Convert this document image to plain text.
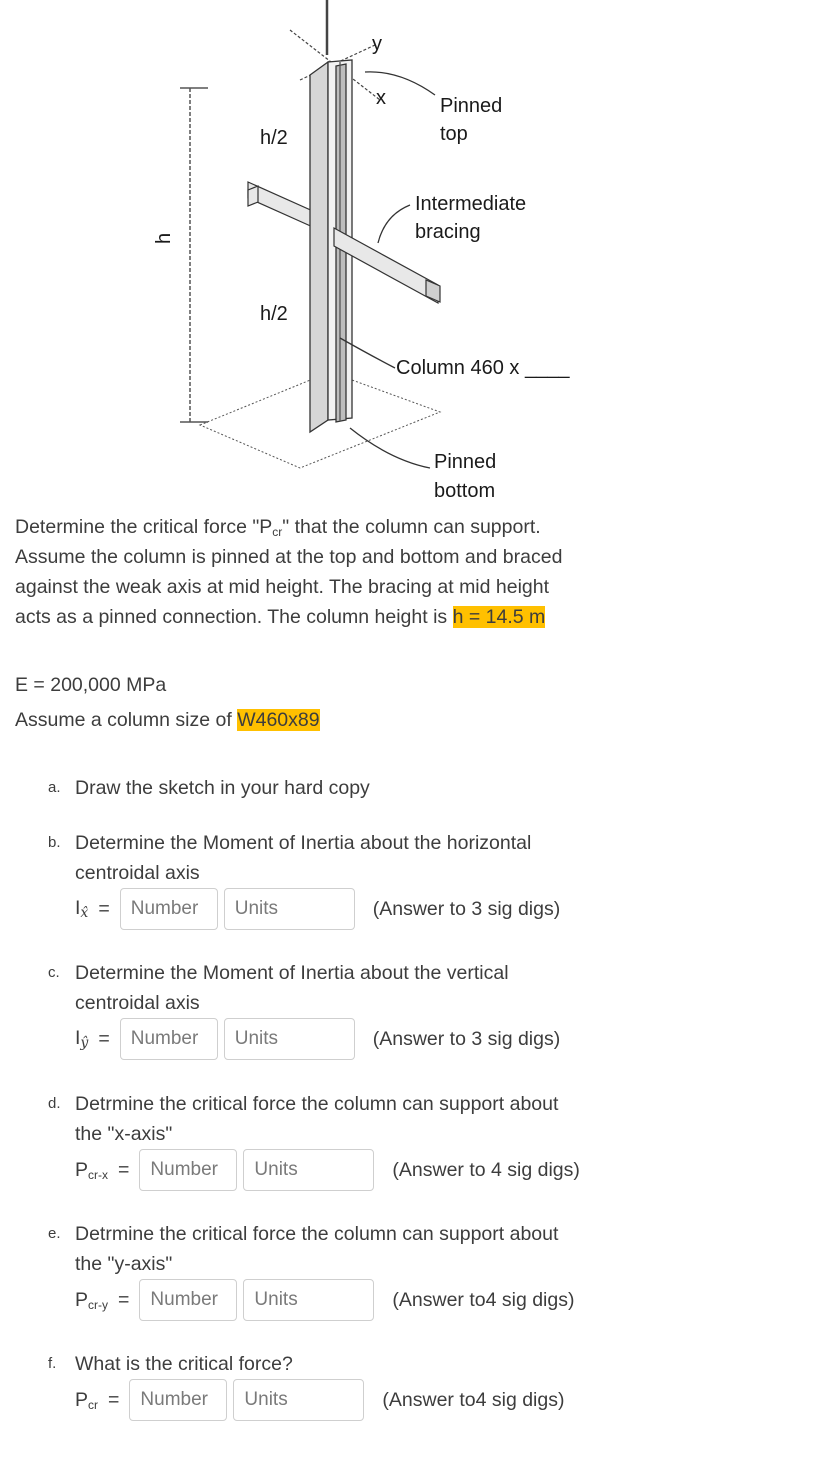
h/2
h/2
h
y
x	Pinned
top
Intermediate
bracing
Column 460 x ____
Pinned
bottom

Determine the critical force "$P_{cr}$" that the column can support.

Assume the column is pinned at the top and bottom and braced

against the weak axis at mid height. The bracing at mid height

acts as a pinned connection. The column height is h = 14.5 m

E = 200,000 MPa
Assume a column size of W460x89
a. Draw the sketch in your hard copy
b. Determine the Moment of Inertia about the horizontal
centroidal axis
Ix̂ =	Number	Units	(Answer to 3 sig digs)
c. Determine the Moment of Inertia about the vertical
centroidal axis
Iŷ =	Number	Units	(Answer to 3 sig digs)
d. Detrmine the critical force the column can support about
the "x-axis"
$P_{cr-x}$ =	Number	Units	(Answer to 4 sig digs)
e. Detrmine the critical force the column can support about
the "y-axis"
$P_{cr-y}$ =	Number	Units	(Answer to4 sig digs)
f. What is the critical force?
$P_{cr}$ =	Number	Units	(Answer to4 sig digs)
